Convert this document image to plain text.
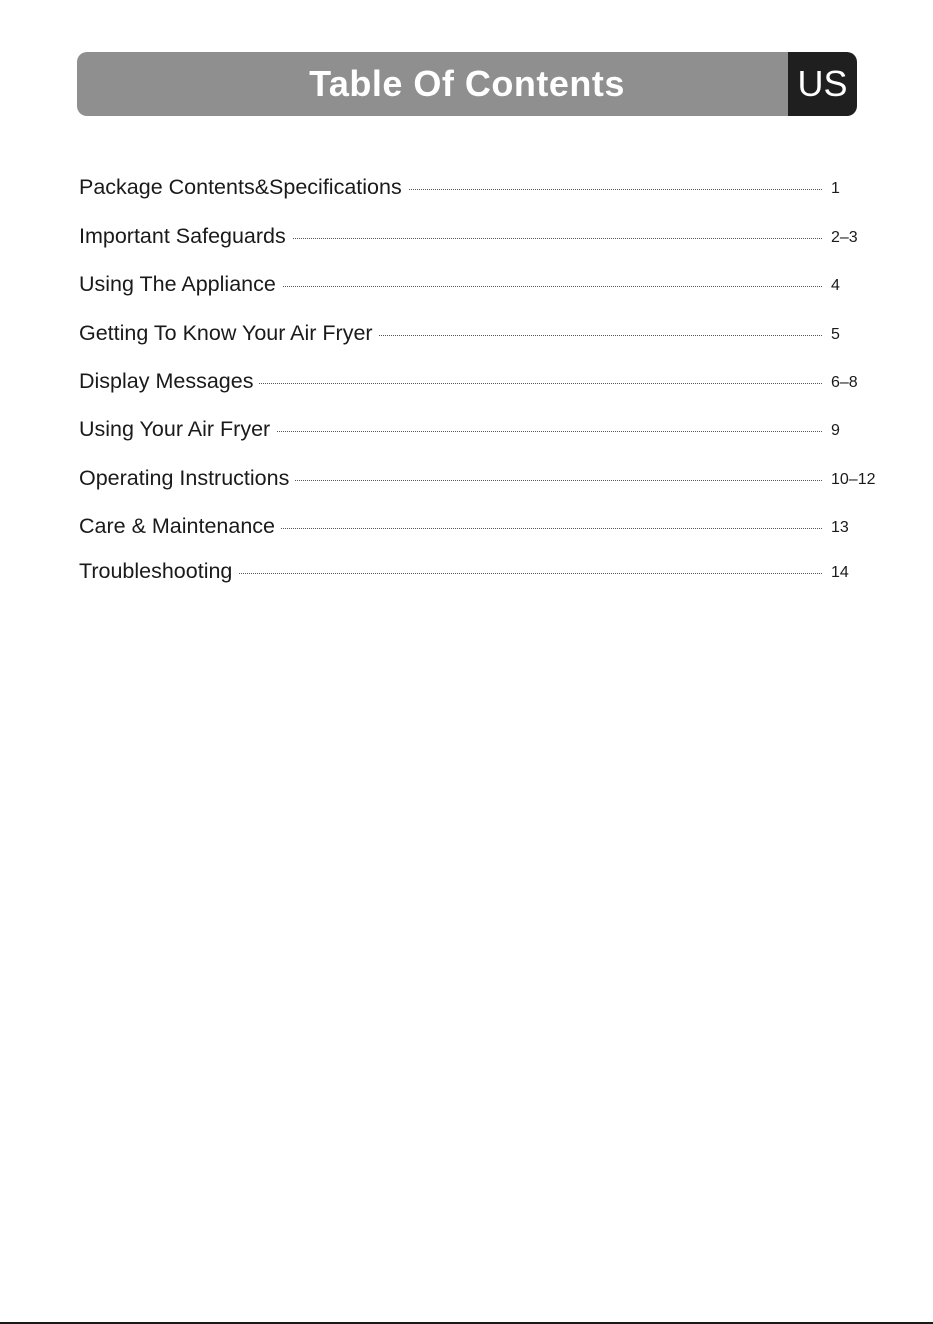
Table Of Contents	US
Package Contents&Specifications	1
Important Safeguards	2–3
Using The Appliance	4
Getting To Know Your Air Fryer	5
Display Messages	6–8
Using Your Air Fryer	9
Operating Instructions	10–12
Care & Maintenance	13
Troubleshooting	14
